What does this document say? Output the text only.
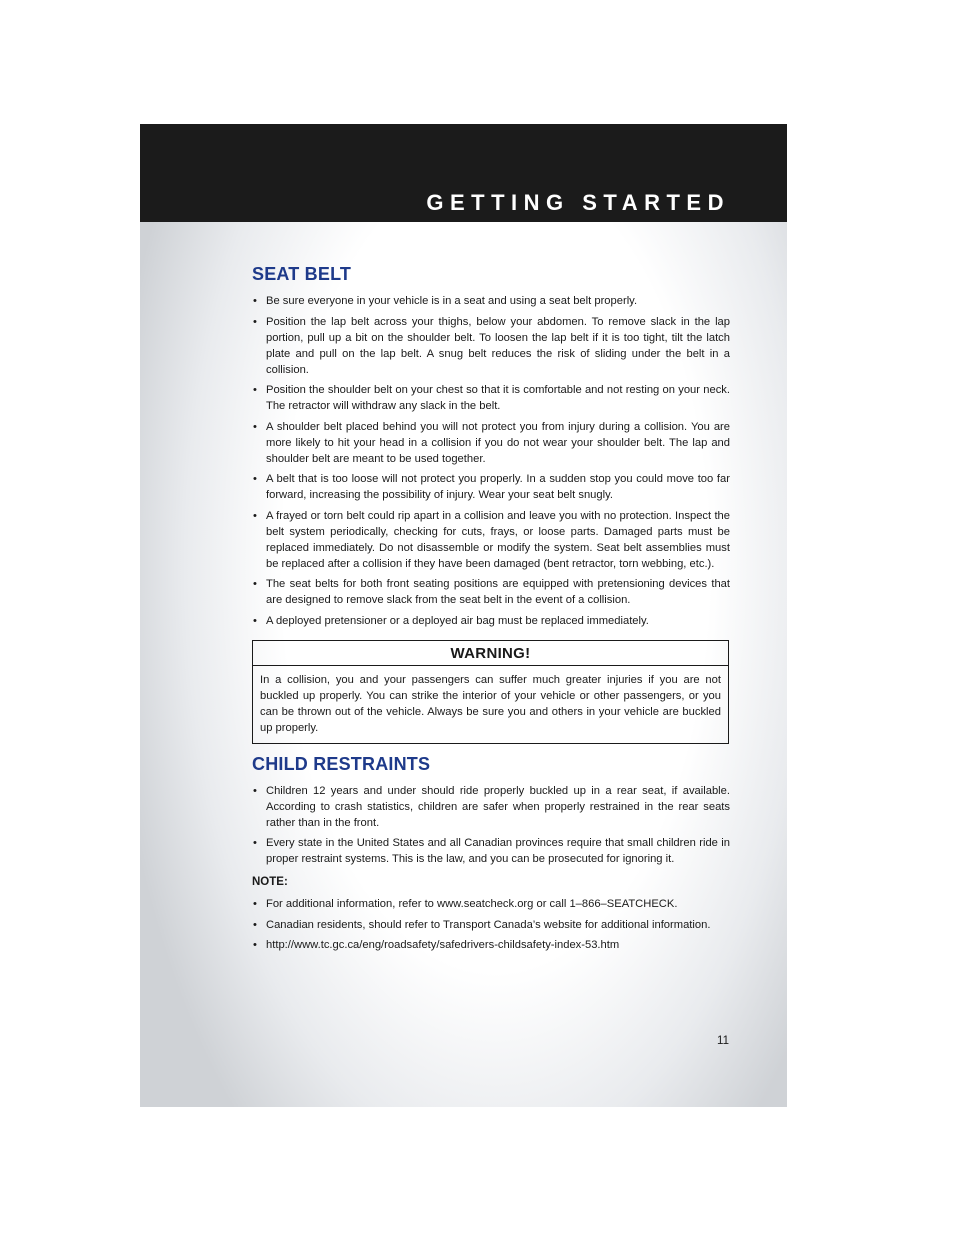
GETTING STARTED
SEAT BELT
• Be sure everyone in your vehicle is in a seat and using a seat belt properly.
• Position the lap belt across your thighs, below your abdomen. To remove slack in the lap portion, pull up a bit on the shoulder belt. To loosen the lap belt if it is too tight, tilt the latch plate and pull on the lap belt. A snug belt reduces the risk of sliding under the belt in a collision.
• Position the shoulder belt on your chest so that it is comfortable and not resting on your neck. The retractor will withdraw any slack in the belt.
• A shoulder belt placed behind you will not protect you from injury during a collision. You are more likely to hit your head in a collision if you do not wear your shoulder belt. The lap and shoulder belt are meant to be used together.
• A belt that is too loose will not protect you properly. In a sudden stop you could move too far forward, increasing the possibility of injury. Wear your seat belt snugly.
• A frayed or torn belt could rip apart in a collision and leave you with no protection. Inspect the belt system periodically, checking for cuts, frays, or loose parts. Damaged parts must be replaced immediately. Do not disassemble or modify the system. Seat belt assemblies must be replaced after a collision if they have been damaged (bent retractor, torn webbing, etc.).
• The seat belts for both front seating positions are equipped with pretensioning devices that are designed to remove slack from the seat belt in the event of a collision.
• A deployed pretensioner or a deployed air bag must be replaced immediately.
WARNING!
In a collision, you and your passengers can suffer much greater injuries if you are not buckled up properly. You can strike the interior of your vehicle or other passengers, or you can be thrown out of the vehicle. Always be sure you and others in your vehicle are buckled up properly.
CHILD RESTRAINTS
• Children 12 years and under should ride properly buckled up in a rear seat, if available. According to crash statistics, children are safer when properly restrained in the rear seats rather than in the front.
• Every state in the United States and all Canadian provinces require that small children ride in proper restraint systems. This is the law, and you can be prosecuted for ignoring it.
NOTE:
• For additional information, refer to www.seatcheck.org or call 1–866–SEATCHECK.
• Canadian residents, should refer to Transport Canada’s website for additional information.
• http://www.tc.gc.ca/eng/roadsafety/safedrivers-childsafety-index-53.htm
11
